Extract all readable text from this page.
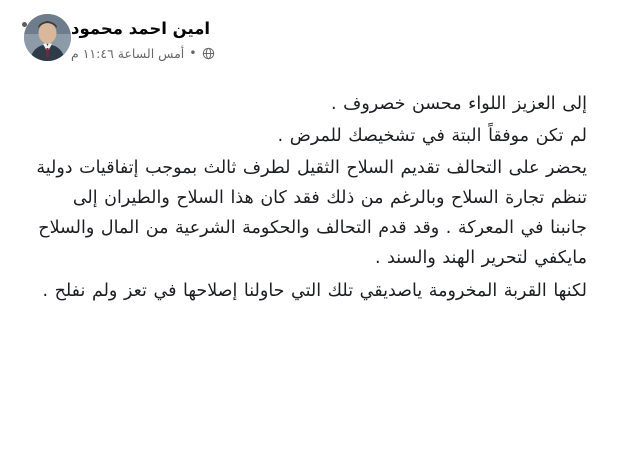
امين احمد محمود
أمس الساعة ١١:٤٦ م •

إلى العزيز اللواء محسن خصروف .

لم تكن موفقاً البتة في تشخيصك للمرض .

يحضر على التحالف تقديم السلاح الثقيل لطرف ثالث بموجب إتفاقيات دولية تنظم تجارة السلاح وبالرغم من ذلك فقد كان هذا السلاح والطيران إلى جانبنا في المعركة . وقد قدم التحالف والحكومة الشرعية من المال والسلاح مايكفي لتحرير الهند والسند .

لكنها القربة المخرومة ياصديقي تلك التي حاولنا إصلاحها في تعز ولم نفلح .
